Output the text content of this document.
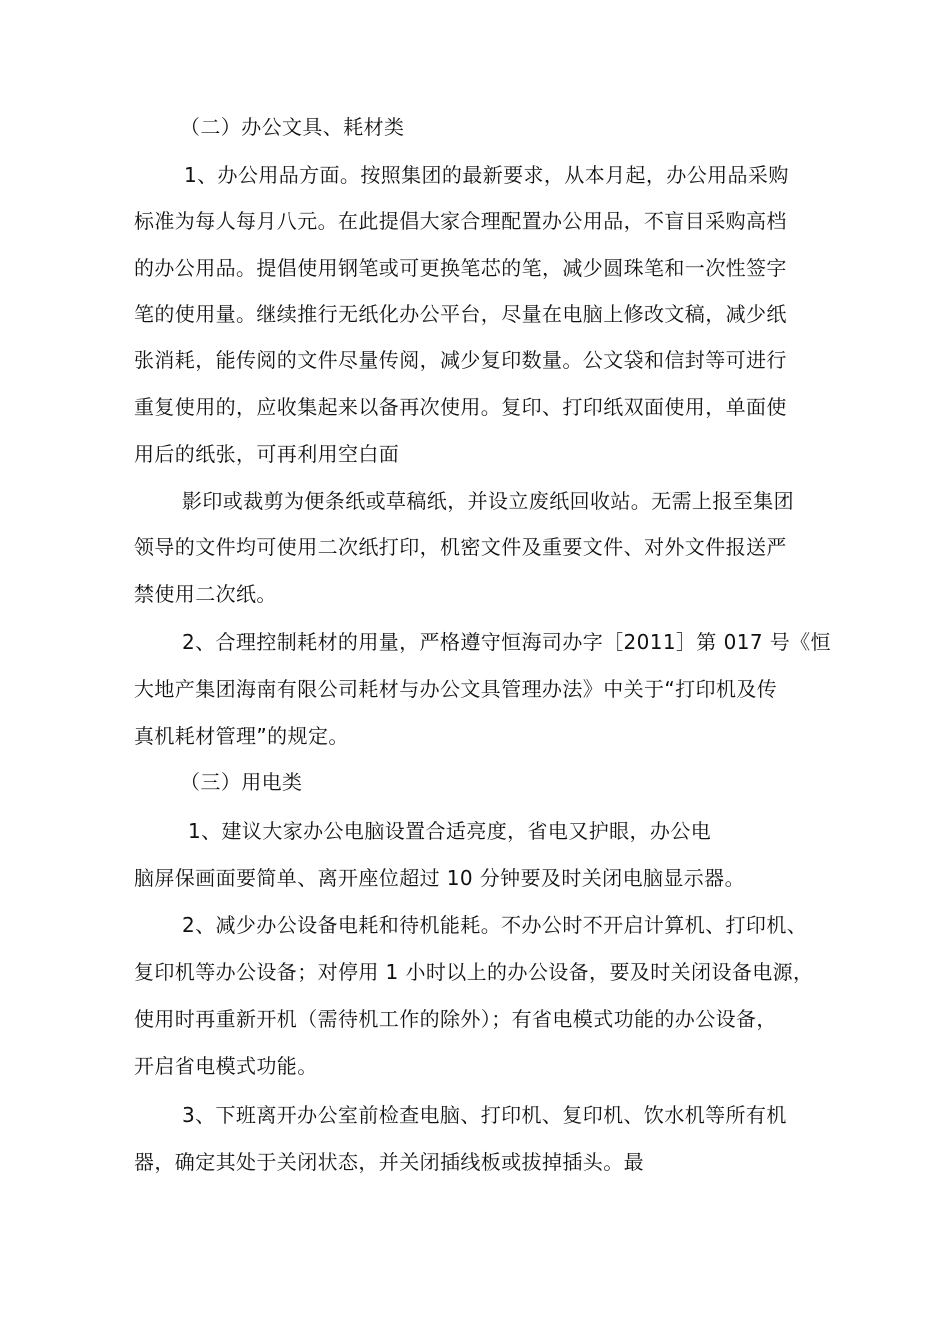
（二）办公文具、耗材类
1、办公用品方面。按照集团的最新要求，从本月起，办公用品采购
标准为每人每月八元。在此提倡大家合理配置办公用品，不盲目采购高档
的办公用品。提倡使用钢笔或可更换笔芯的笔，减少圆珠笔和一次性签字
笔的使用量。继续推行无纸化办公平台，尽量在电脑上修改文稿，减少纸
张消耗，能传阅的文件尽量传阅，减少复印数量。公文袋和信封等可进行
重复使用的，应收集起来以备再次使用。复印、打印纸双面使用，单面使
用后的纸张，可再利用空白面
影印或裁剪为便条纸或草稿纸，并设立废纸回收站。无需上报至集团
领导的文件均可使用二次纸打印，机密文件及重要文件、对外文件报送严
禁使用二次纸。
2、合理控制耗材的用量，严格遵守恒海司办字［2011］第 017 号《恒
大地产集团海南有限公司耗材与办公文具管理办法》中关于“打印机及传
真机耗材管理”的规定。
（三）用电类
1、建议大家办公电脑设置合适亮度，省电又护眼，办公电
脑屏保画面要简单、离开座位超过 10 分钟要及时关闭电脑显示器。
2、减少办公设备电耗和待机能耗。不办公时不开启计算机、打印机、
复印机等办公设备；对停用 1 小时以上的办公设备，要及时关闭设备电源，
使用时再重新开机（需待机工作的除外）；有省电模式功能的办公设备，
开启省电模式功能。
3、下班离开办公室前检查电脑、打印机、复印机、饮水机等所有机
器，确定其处于关闭状态，并关闭插线板或拔掉插头。最
